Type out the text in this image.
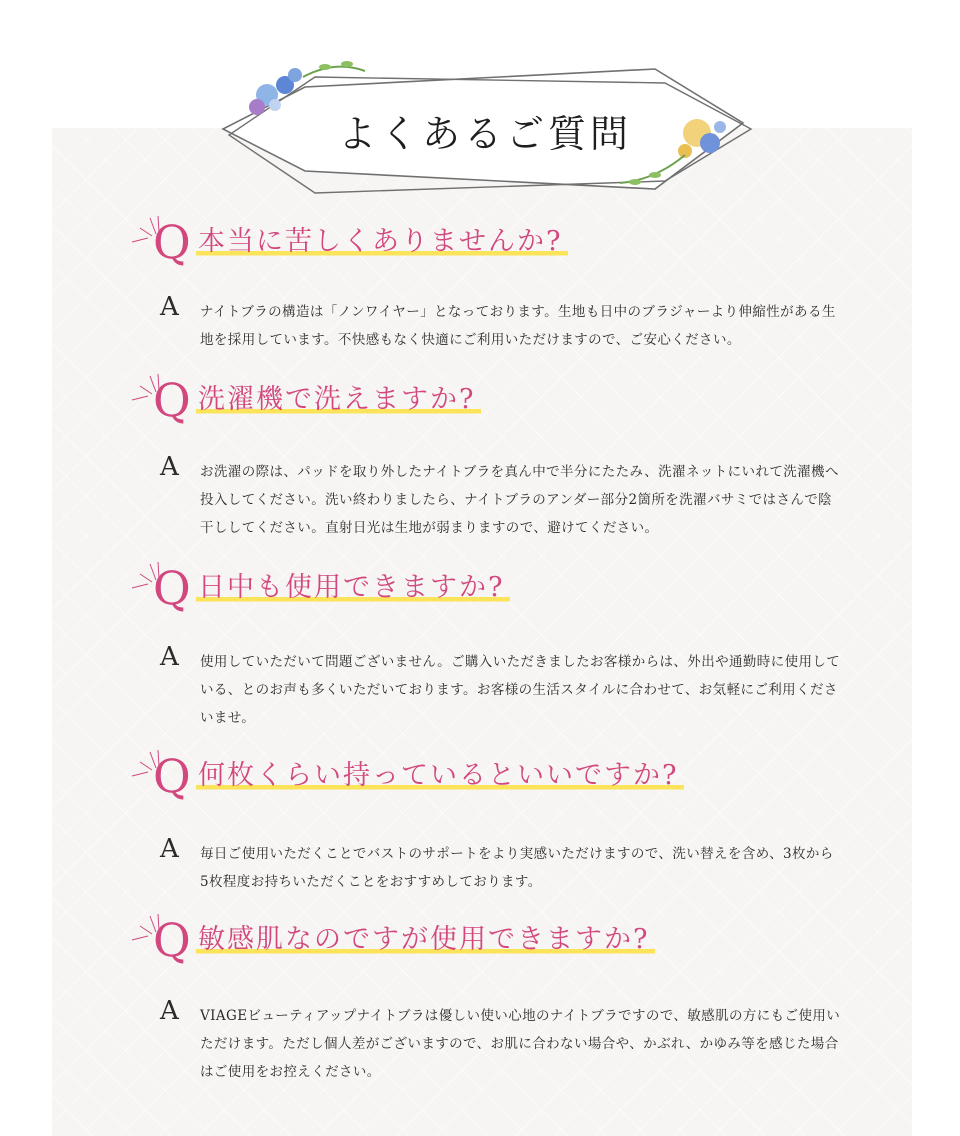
よくあるご質問
Q 本当に苦しくありませんか?
A ナイトブラの構造は「ノンワイヤー」となっております。生地も日中のブラジャーより伸縮性がある生地を採用しています。不快感もなく快適にご利用いただけますので、ご安心ください。
Q 洗濯機で洗えますか?
A お洗濯の際は、パッドを取り外したナイトブラを真ん中で半分にたたみ、洗濯ネットにいれて洗濯機へ投入してください。洗い終わりましたら、ナイトブラのアンダー部分2箇所を洗濯バサミではさんで陰干ししてください。直射日光は生地が弱まりますので、避けてください。
Q 日中も使用できますか?
A 使用していただいて問題ございません。ご購入いただきましたお客様からは、外出や通勤時に使用している、とのお声も多くいただいております。お客様の生活スタイルに合わせて、お気軽にご利用くださいませ。
Q 何枚くらい持っているといいですか?
A 毎日ご使用いただくことでバストのサポートをより実感いただけますので、洗い替えを含め、3枚から5枚程度お持ちいただくことをおすすめしております。
Q 敏感肌なのですが使用できますか?
A VIAGEビューティアップナイトブラは優しい使い心地のナイトブラですので、敏感肌の方にもご使用いただけます。ただし個人差がございますので、お肌に合わない場合や、かぶれ、かゆみ等を感じた場合はご使用をお控えください。
